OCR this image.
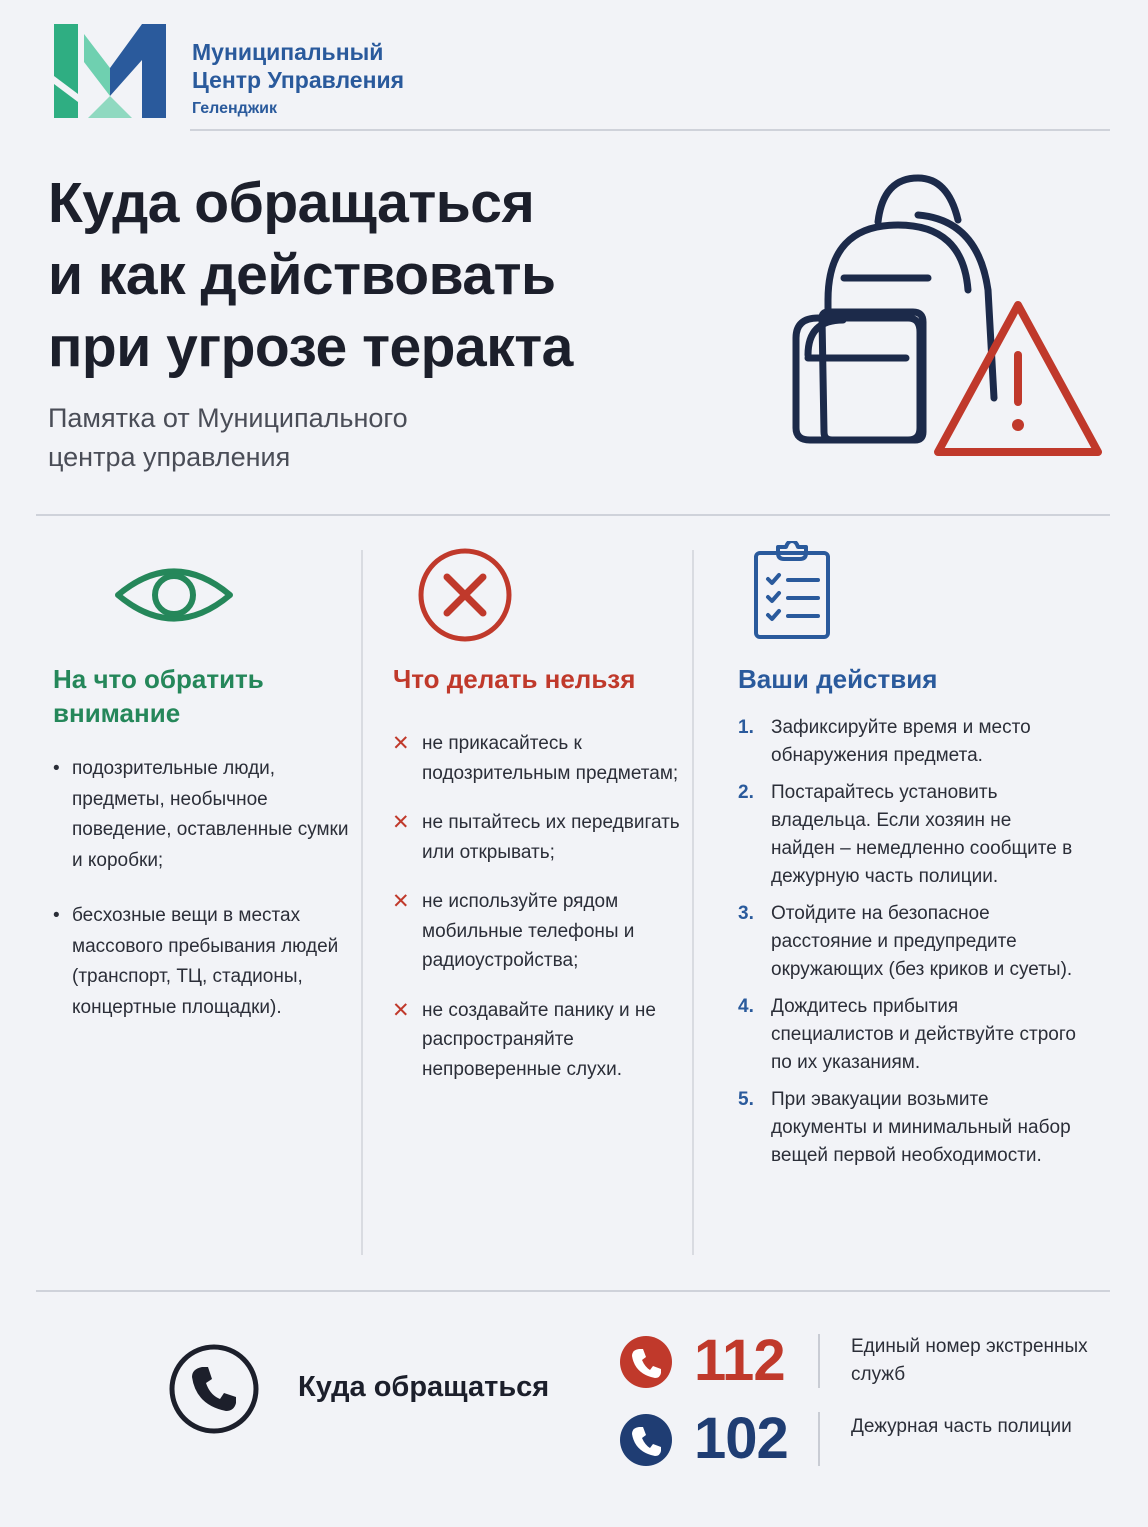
Муниципальный
Центр Управления
Геленджик
Куда обращаться
и как действовать
при угрозе теракта
Памятка от Муниципального
центра управления
На что обратить внимание
• подозрительные люди, предметы, необычное поведение, оставленные сумки и коробки;
• бесхозные вещи в местах массового пребывания людей (транспорт, ТЦ, стадионы, концертные площадки).
Что делать нельзя
✕ не прикасайтесь к подозрительным предметам;
✕ не пытайтесь их передвигать или открывать;
✕ не используйте рядом мобильные телефоны и радиоустройства;
✕ не создавайте панику и не распространяйте непроверенные слухи.
Ваши действия
1. Зафиксируйте время и место обнаружения предмета.
2. Постарайтесь установить владельца. Если хозяин не найден – немедленно сообщите в дежурную часть полиции.
3. Отойдите на безопасное расстояние и предупредите окружающих (без криков и суеты).
4. Дождитесь прибытия специалистов и действуйте строго по их указаниям.
5. При эвакуации возьмите документы и минимальный набор вещей первой необходимости.
Куда обращаться 112	Единый номер экстренных служб
102	Дежурная часть полиции
